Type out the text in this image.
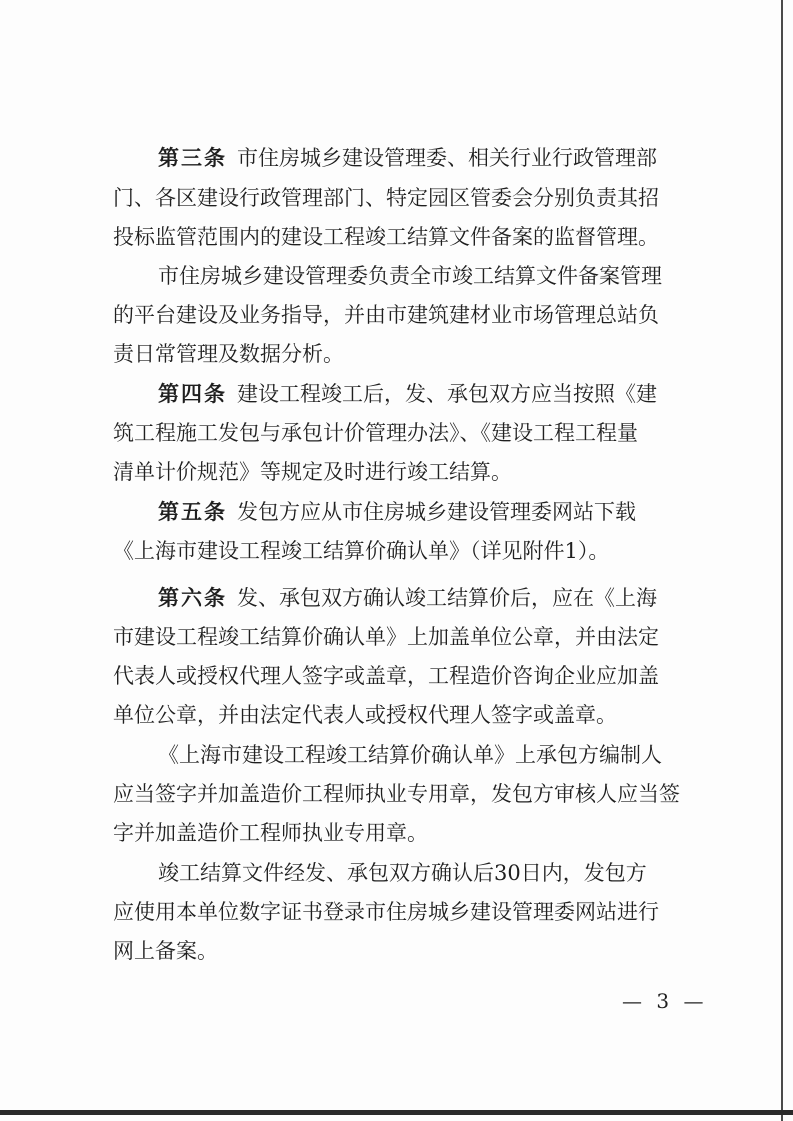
第三条 市住房城乡建设管理委、相关行业行政管理部
门、各区建设行政管理部门、特定园区管委会分别负责其招
投标监管范围内的建设工程竣工结算文件备案的监督管理。
市住房城乡建设管理委负责全市竣工结算文件备案管理
的平台建设及业务指导，并由市建筑建材业市场管理总站负
责日常管理及数据分析。
第四条 建设工程竣工后，发、承包双方应当按照《建
筑工程施工发包与承包计价管理办法》、《建设工程工程量
清单计价规范》等规定及时进行竣工结算。
第五条 发包方应从市住房城乡建设管理委网站下载
《上海市建设工程竣工结算价确认单》（详见附件1）。
第六条 发、承包双方确认竣工结算价后，应在《上海
市建设工程竣工结算价确认单》上加盖单位公章，并由法定
代表人或授权代理人签字或盖章，工程造价咨询企业应加盖
单位公章，并由法定代表人或授权代理人签字或盖章。
《上海市建设工程竣工结算价确认单》上承包方编制人
应当签字并加盖造价工程师执业专用章，发包方审核人应当签
字并加盖造价工程师执业专用章。
竣工结算文件经发、承包双方确认后30日内，发包方
应使用本单位数字证书登录市住房城乡建设管理委网站进行
网上备案。
— 3 —
